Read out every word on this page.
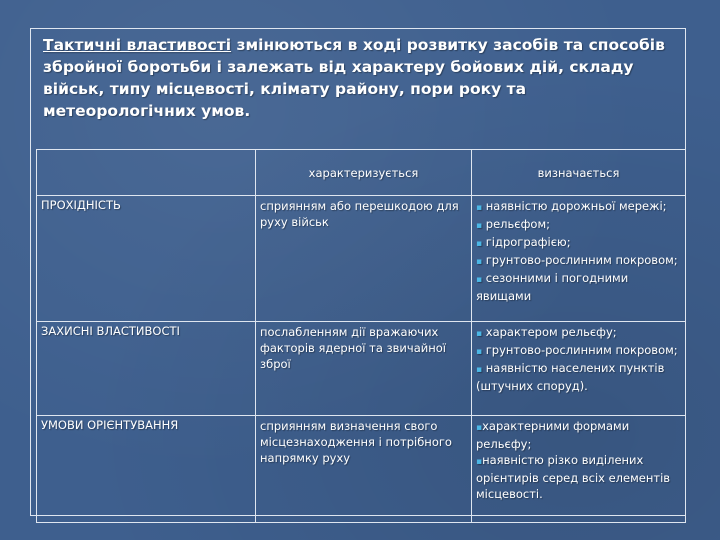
Тактичні властивості змінюються в ході розвитку засобів та способів збройної боротьби і залежать від характеру бойових дій, складу військ, типу місцевості, клімату району, пори року та метеорологічних умов.
	характеризується	визначається
ПРОХІДНІСТЬ	сприянням або перешкодою для руху військ	▪ наявністю дорожньої мережі;
▪ рельєфом;
▪ гідрографією;
▪ грунтово-рослинним покровом;
▪ сезонними і погодними явищами

ЗАХИСНІ ВЛАСТИВОСТІ	послабленням дії вражаючих факторів ядерної та звичайної зброї	▪ характером рельєфу;
▪ грунтово-рослинним покровом;
▪ наявністю населених пунктів (штучних споруд).

УМОВИ ОРІЄНТУВАННЯ	сприянням визначення свого місцезнаходження і потрібного напрямку руху	▪характерними формами рельєфу;
▪наявністю різко виділених орієнтирів серед всіх елементів місцевості.
